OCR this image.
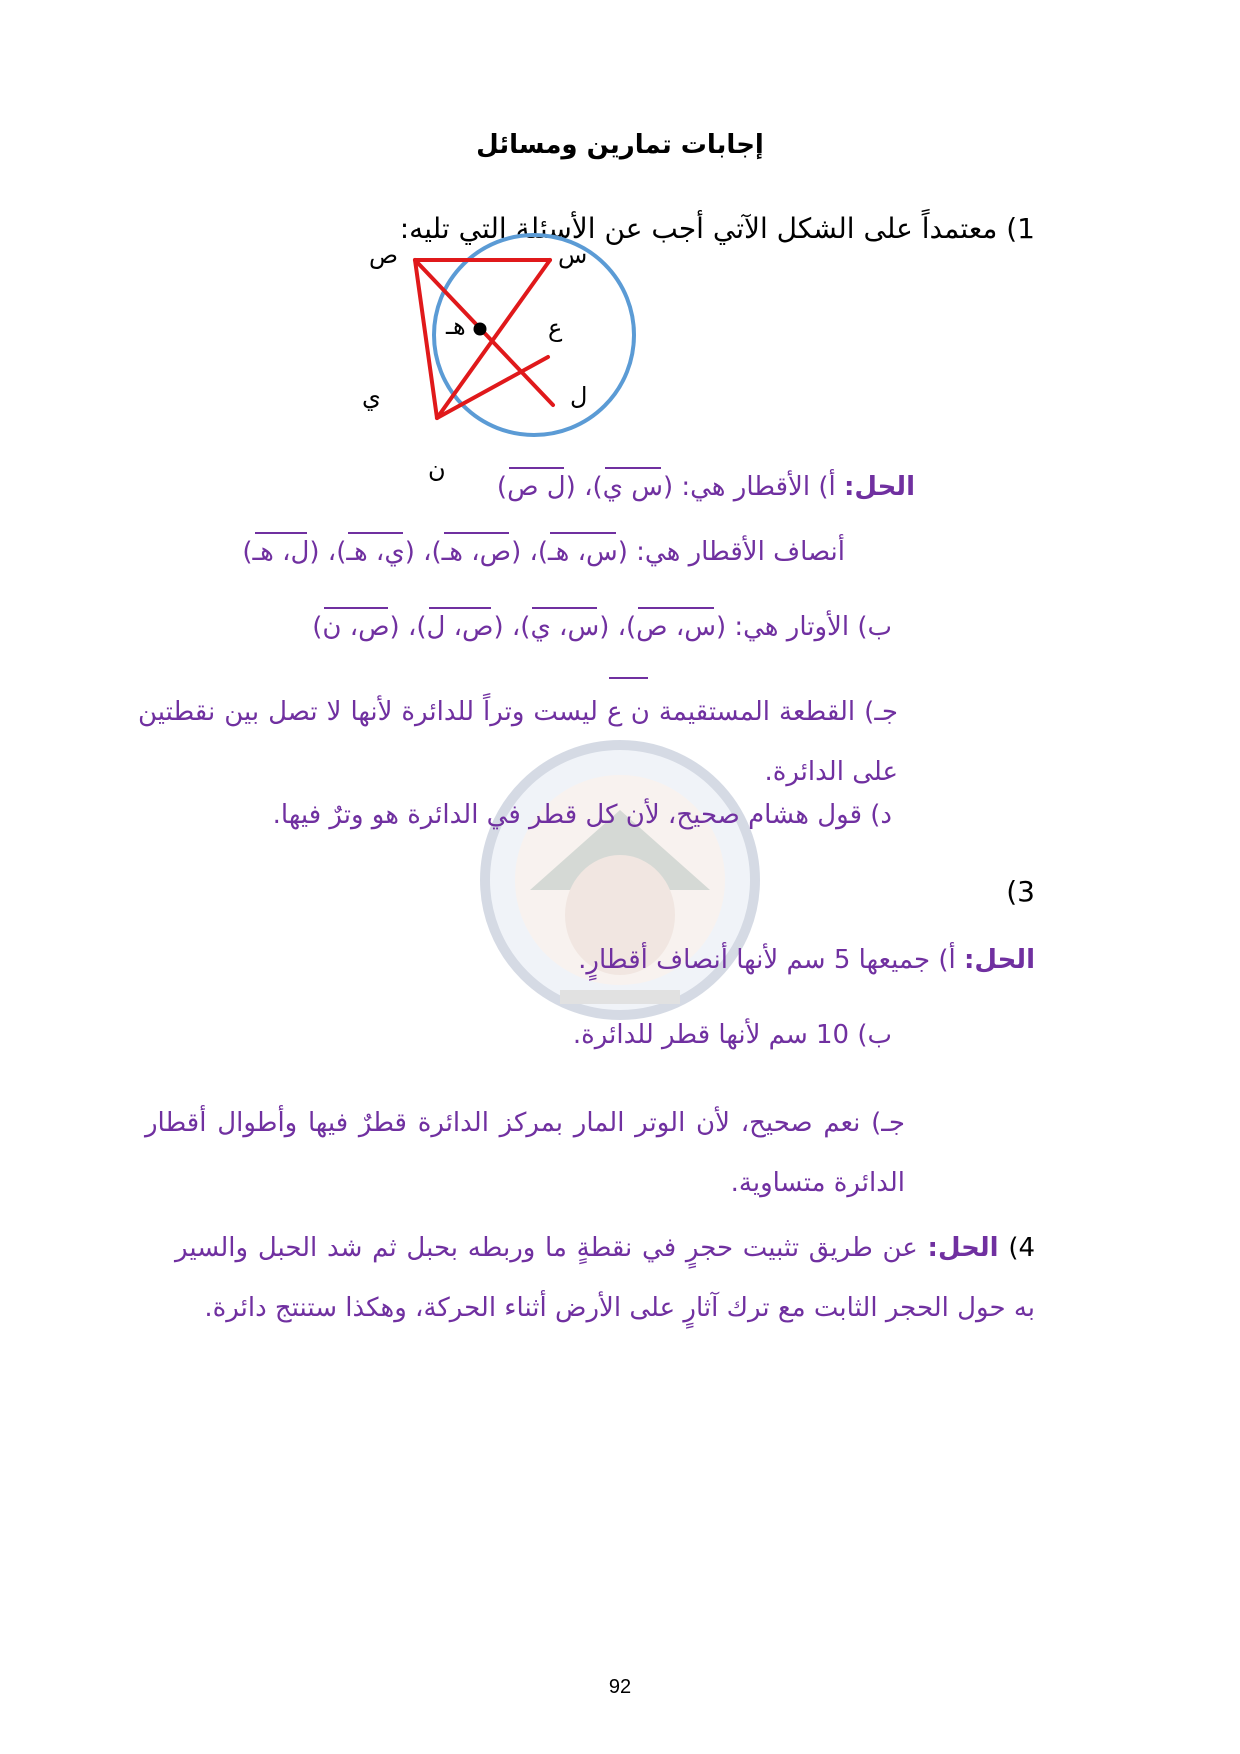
إجابات تمارين ومسائل
1) معتمداً على الشكل الآتي أجب عن الأسئلة التي تليه:
س
ص
هـ	ع
ي	ل
ن
الحل: أ) الأقطار هي: (س ي)، (ل ص)
أنصاف الأقطار هي: (س، هـ)، (ص، هـ)، (ي، هـ)، (ل، هـ)
ب) الأوتار هي: (س، ص)، (س، ي)، (ص، ل)، (ص، ن)
جـ) القطعة المستقيمة ن ع ليست وتراً للدائرة لأنها لا تصل بين نقطتين على الدائرة.
د) قول هشام صحيح، لأن كل قطر في الدائرة هو وترٌ فيها.
3)
الحل: أ) جميعها 5 سم لأنها أنصاف أقطارٍ.
ب) 10 سم لأنها قطر للدائرة.
جـ) نعم صحيح، لأن الوتر المار بمركز الدائرة قطرٌ فيها وأطوال أقطار الدائرة متساوية.
4) الحل: عن طريق تثبيت حجرٍ في نقطةٍ ما وربطه بحبل ثم شد الحبل والسير به حول الحجر الثابت مع ترك آثارٍ على الأرض أثناء الحركة، وهكذا ستنتج دائرة.
92
